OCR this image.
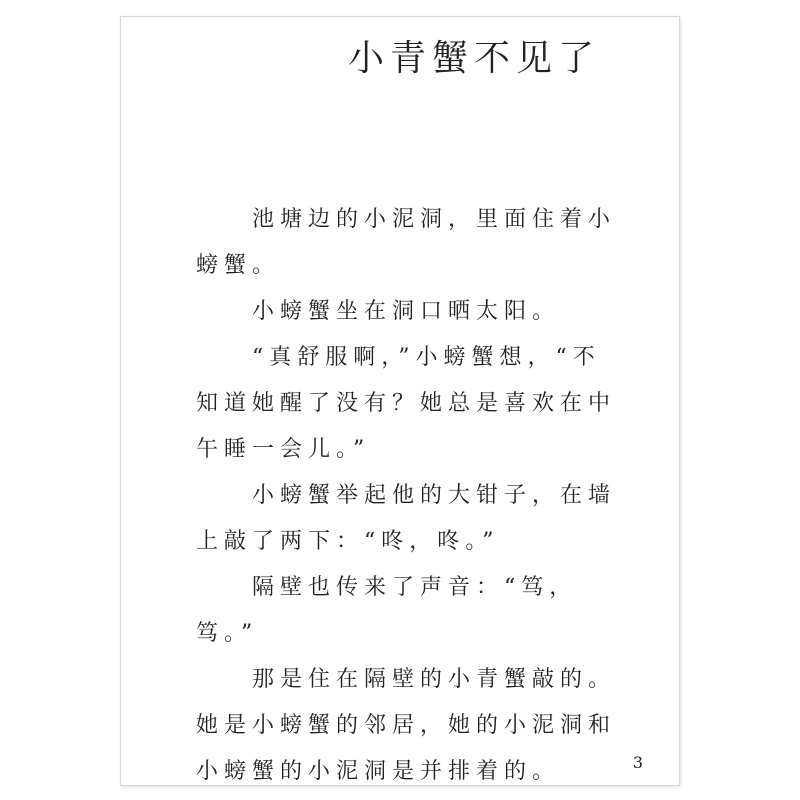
小青蟹不见了

池塘边的小泥洞，里面住着小螃蟹。

小螃蟹坐在洞口晒太阳。

“真舒服啊，”小螃蟹想，“不知道她醒了没有？她总是喜欢在中午睡一会儿。”

小螃蟹举起他的大钳子，在墙上敲了两下：“咚，咚。”

隔壁也传来了声音：“笃，笃。”

那是住在隔壁的小青蟹敲的。她是小螃蟹的邻居，她的小泥洞和小螃蟹的小泥洞是并排着的。	3
